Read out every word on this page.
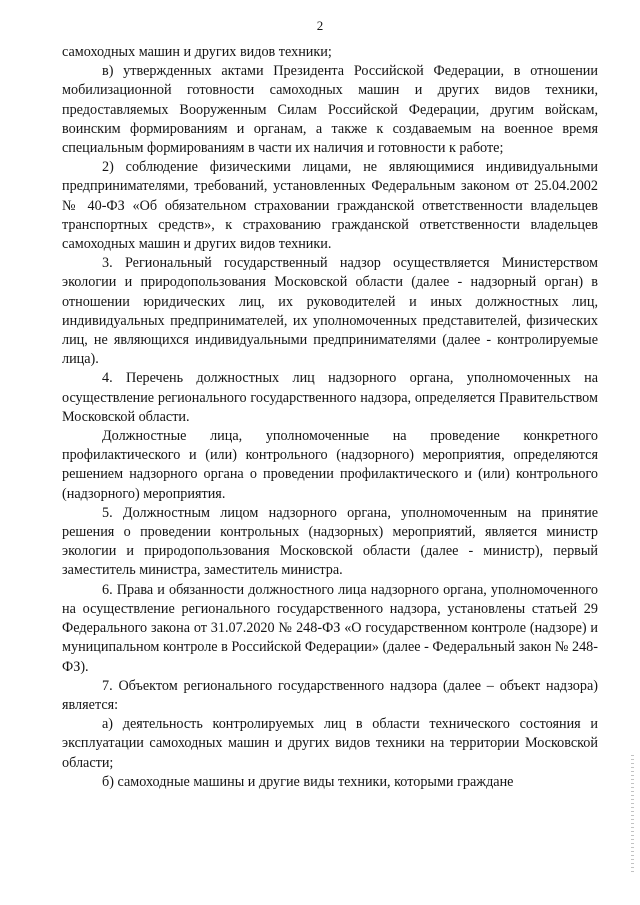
2

самоходных машин и других видов техники;

в) утвержденных актами Президента Российской Федерации, в отношении мобилизационной готовности самоходных машин и других видов техники, предоставляемых Вооруженным Силам Российской Федерации, другим войскам, воинским формированиям и органам, а также к создаваемым на военное время специальным формированиям в части их наличия и готовности к работе;

2) соблюдение физическими лицами, не являющимися индивидуальными предпринимателями, требований, установленных Федеральным законом от 25.04.2002 № 40-ФЗ «Об обязательном страховании гражданской ответственности владельцев транспортных средств», к страхованию гражданской ответственности владельцев самоходных машин и других видов техники.

3. Региональный государственный надзор осуществляется Министерством экологии и природопользования Московской области (далее - надзорный орган) в отношении юридических лиц, их руководителей и иных должностных лиц, индивидуальных предпринимателей, их уполномоченных представителей, физических лиц, не являющихся индивидуальными предпринимателями (далее - контролируемые лица).

4. Перечень должностных лиц надзорного органа, уполномоченных на осуществление регионального государственного надзора, определяется Правительством Московской области.

Должностные лица, уполномоченные на проведение конкретного профилактического и (или) контрольного (надзорного) мероприятия, определяются решением надзорного органа о проведении профилактического и (или) контрольного (надзорного) мероприятия.

5. Должностным лицом надзорного органа, уполномоченным на принятие решения о проведении контрольных (надзорных) мероприятий, является министр экологии и природопользования Московской области (далее - министр), первый заместитель министра, заместитель министра.

6. Права и обязанности должностного лица надзорного органа, уполномоченного на осуществление регионального государственного надзора, установлены статьей 29 Федерального закона от 31.07.2020 № 248-ФЗ «О государственном контроле (надзоре) и муниципальном контроле в Российской Федерации» (далее - Федеральный закон № 248-ФЗ).

7. Объектом регионального государственного надзора (далее – объект надзора) является:

а) деятельность контролируемых лиц в области технического состояния и эксплуатации самоходных машин и других видов техники на территории Московской области;

б) самоходные машины и другие виды техники, которыми граждане
